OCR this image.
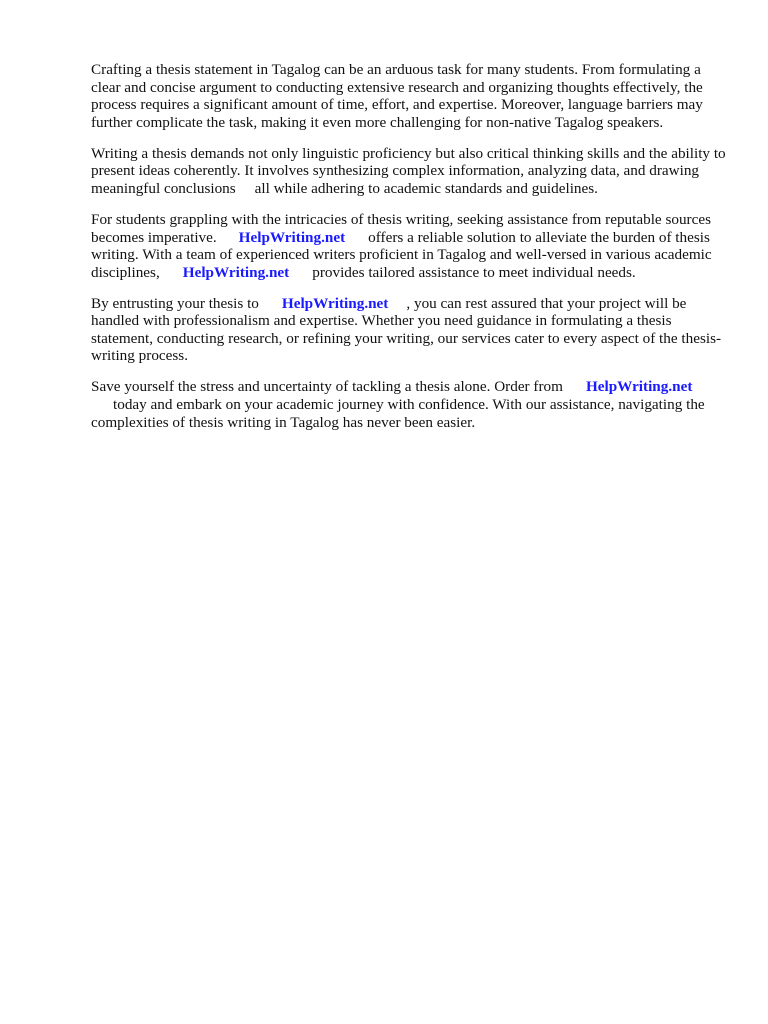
Crafting a thesis statement in Tagalog can be an arduous task for many students. From formulating a clear and concise argument to conducting extensive research and organizing thoughts effectively, the process requires a significant amount of time, effort, and expertise. Moreover, language barriers may further complicate the task, making it even more challenging for non-native Tagalog speakers.

Writing a thesis demands not only linguistic proficiency but also critical thinking skills and the ability to present ideas coherently. It involves synthesizing complex information, analyzing data, and drawing meaningful conclusions  all while adhering to academic standards and guidelines.

For students grappling with the intricacies of thesis writing, seeking assistance from reputable sources becomes imperative. HelpWriting.net offers a reliable solution to alleviate the burden of thesis writing. With a team of experienced writers proficient in Tagalog and well-versed in various academic disciplines, HelpWriting.net provides tailored assistance to meet individual needs.

By entrusting your thesis to HelpWriting.net , you can rest assured that your project will be handled with professionalism and expertise. Whether you need guidance in formulating a thesis statement, conducting research, or refining your writing, our services cater to every aspect of the thesis-writing process.

Save yourself the stress and uncertainty of tackling a thesis alone. Order from HelpWriting.net
today and embark on your academic journey with confidence. With our assistance, navigating the complexities of thesis writing in Tagalog has never been easier.
